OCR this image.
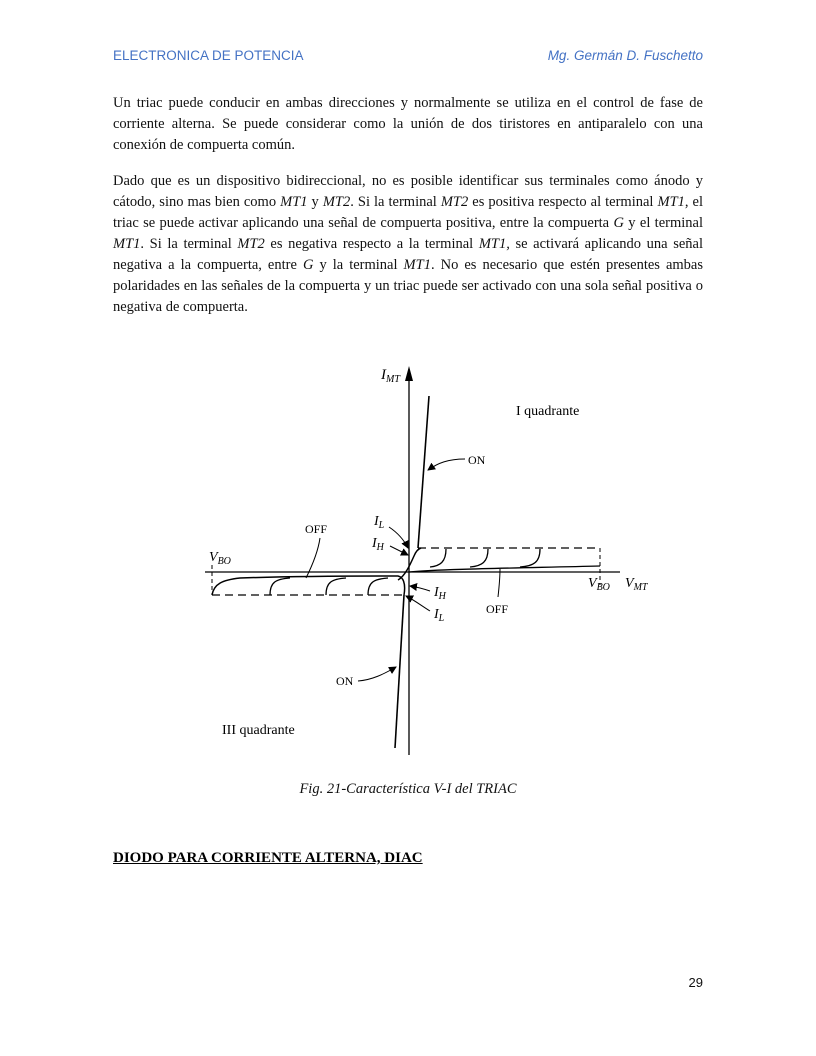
ELECTRONICA DE POTENCIA	Mg. Germán D. Fuschetto

Un triac puede conducir en ambas direcciones y normalmente se utiliza en el control de fase de corriente alterna. Se puede considerar como la unión de dos tiristores en antiparalelo con una conexión de compuerta común.

Dado que es un dispositivo bidireccional, no es posible identificar sus terminales como ánodo y cátodo, sino mas bien como MT1 y MT2. Si la terminal MT2 es positiva respecto al terminal MT1, el triac se puede activar aplicando una señal de compuerta positiva, entre la compuerta G y el terminal MT1. Si la terminal MT2 es negativa respecto a la terminal MT1, se activará aplicando una señal negativa a la compuerta, entre G y la terminal MT1. No es necesario que estén presentes ambas polaridades en las señales de la compuerta y un triac puede ser activado con una sola señal positiva o negativa de compuerta.

$I_{MT}$
I quadrante
ON
OFF	$I_L$
$I_H$
$V_{BO}$
$V_{BO}$ $V_{MT}$
$I_H$
$I_L$
OFF
ON
III quadrante
Fig. 21-Característica V-I del TRIAC
DIODO PARA CORRIENTE ALTERNA, DIAC
29
